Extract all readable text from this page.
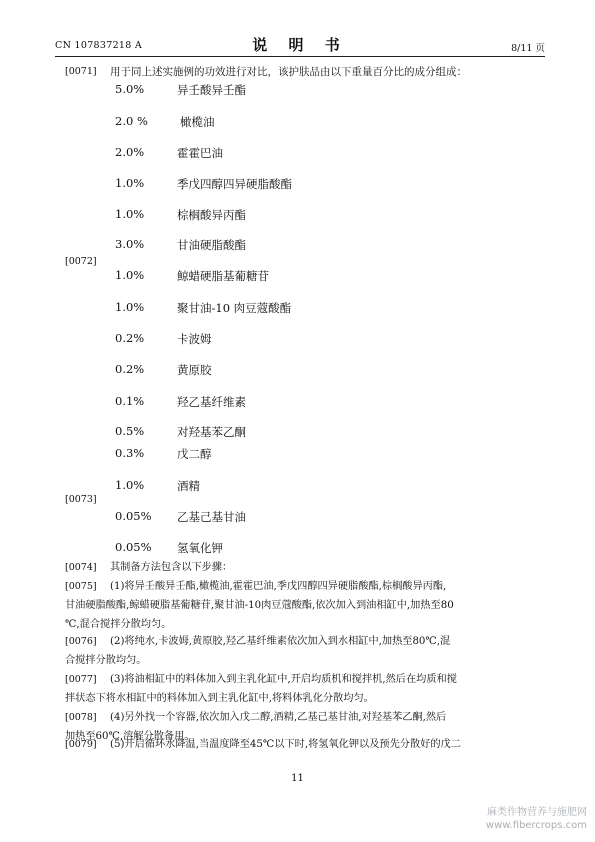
CN 107837218 A	说 明 书	8/11 页
[0071] 用于同上述实施例的功效进行对比，该护肤品由以下重量百分比的成分组成：
[0072]
[0073]
5.0%	异壬酸异壬酯
2.0 %	橄榄油
2.0%	霍霍巴油
1.0%	季戊四醇四异硬脂酸酯
1.0%	棕榈酸异丙酯
3.0%	甘油硬脂酸酯
1.0%	鲸蜡硬脂基葡糖苷
1.0%	聚甘油-10 肉豆蔻酸酯
0.2%	卡波姆
0.2%	黄原胶
0.1%	羟乙基纤维素
0.5%	对羟基苯乙酮
0.3%	戊二醇
1.0%	酒精
0.05% 乙基己基甘油
0.05% 氢氧化钾
[0074] 其制备方法包含以下步骤：
[0075] (1)将异壬酸异壬酯,橄榄油,霍霍巴油,季戊四醇四异硬脂酸酯,棕榈酸异丙酯,
甘油硬脂酸酯,鲸蜡硬脂基葡糖苷,聚甘油-10肉豆蔻酸酯,依次加入到油相缸中,加热至80
℃,混合搅拌分散均匀。
[0076] (2)将纯水,卡波姆,黄原胶,羟乙基纤维素依次加入到水相缸中,加热至80℃,混
合搅拌分散均匀。
[0077] (3)将油相缸中的料体加入到主乳化缸中,开启均质机和搅拌机,然后在均质和搅
拌状态下将水相缸中的料体加入到主乳化缸中,将料体乳化分散均匀。
[0078] (4)另外找一个容器,依次加入戊二醇,酒精,乙基己基甘油,对羟基苯乙酮,然后
加热至60℃,溶解分散备用。
[0079] (5)开启循环水降温,当温度降至45℃以下时,将氢氧化钾以及预先分散好的戊二
11
麻类作物营养与施肥网
www.fibercrops.com
